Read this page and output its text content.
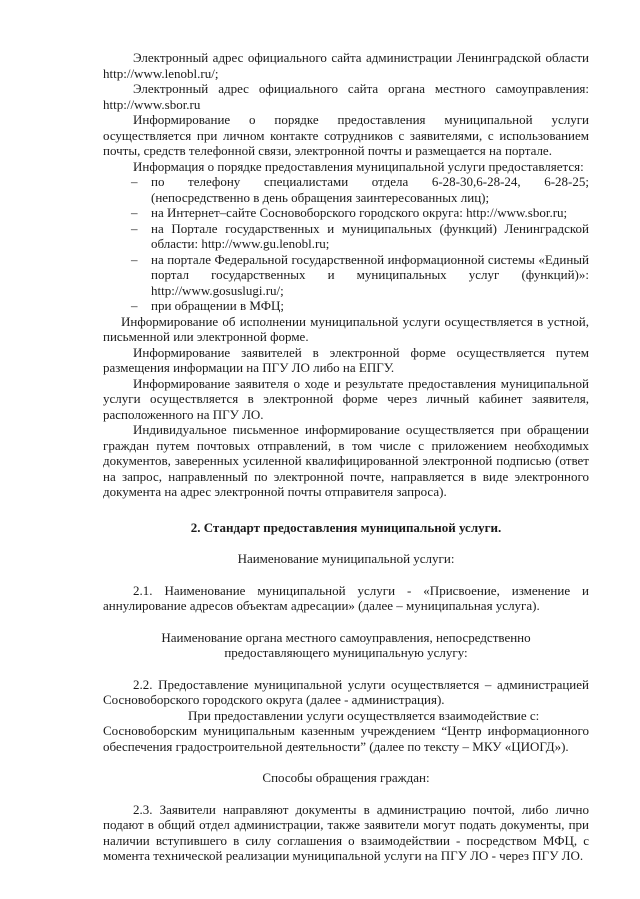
Электронный адрес официального сайта администрации Ленинградской области http://www.lenobl.ru/;

Электронный адрес официального сайта органа местного самоуправления: http://www.sbor.ru

Информирование о порядке предоставления муниципальной услуги осуществляется при личном контакте сотрудников с заявителями, с использованием почты, средств телефонной связи, электронной почты и размещается на портале.

Информация о порядке предоставления муниципальной услуги предоставляется:

– по телефону специалистами отдела 6-28-30,6-28-24, 6-28-25; (непосредственно в день обращения заинтересованных лиц);
– на Интернет–сайте Сосновоборского городского округа: http://www.sbor.ru;
– на Портале государственных и муниципальных (функций) Ленинградской области: http://www.gu.lenobl.ru;
– на портале Федеральной государственной информационной системы «Единый портал государственных и муниципальных услуг (функций)»: http://www.gosuslugi.ru/;
– при обращении в МФЦ;

Информирование об исполнении муниципальной услуги осуществляется в устной, письменной или электронной форме.

Информирование заявителей в электронной форме осуществляется путем размещения информации на ПГУ ЛО либо на ЕПГУ.

Информирование заявителя о ходе и результате предоставления муниципальной услуги осуществляется в электронной форме через личный кабинет заявителя, расположенного на ПГУ ЛО.

Индивидуальное письменное информирование осуществляется при обращении граждан путем почтовых отправлений, в том числе с приложением необходимых документов, заверенных усиленной квалифицированной электронной подписью (ответ на запрос, направленный по электронной почте, направляется в виде электронного документа на адрес электронной почты отправителя запроса).

2. Стандарт предоставления муниципальной услуги.

Наименование муниципальной услуги:

2.1. Наименование муниципальной услуги - «Присвоение, изменение и аннулирование адресов объектам адресации» (далее – муниципальная услуга).

Наименование органа местного самоуправления, непосредственно

предоставляющего муниципальную услугу:

2.2. Предоставление муниципальной услуги осуществляется – администрацией Сосновоборского городского округа (далее - администрация).

При предоставлении услуги осуществляется взаимодействие с:

Сосновоборским муниципальным казенным учреждением “Центр информационного обеспечения градостроительной деятельности” (далее по тексту – МКУ «ЦИОГД»).

Способы обращения граждан:

2.3. Заявители направляют документы в администрацию почтой, либо лично подают в общий отдел администрации, также заявители могут подать документы, при наличии вступившего в силу соглашения о взаимодействии - посредством МФЦ, с момента технической реализации муниципальной услуги на ПГУ ЛО - через ПГУ ЛО.
